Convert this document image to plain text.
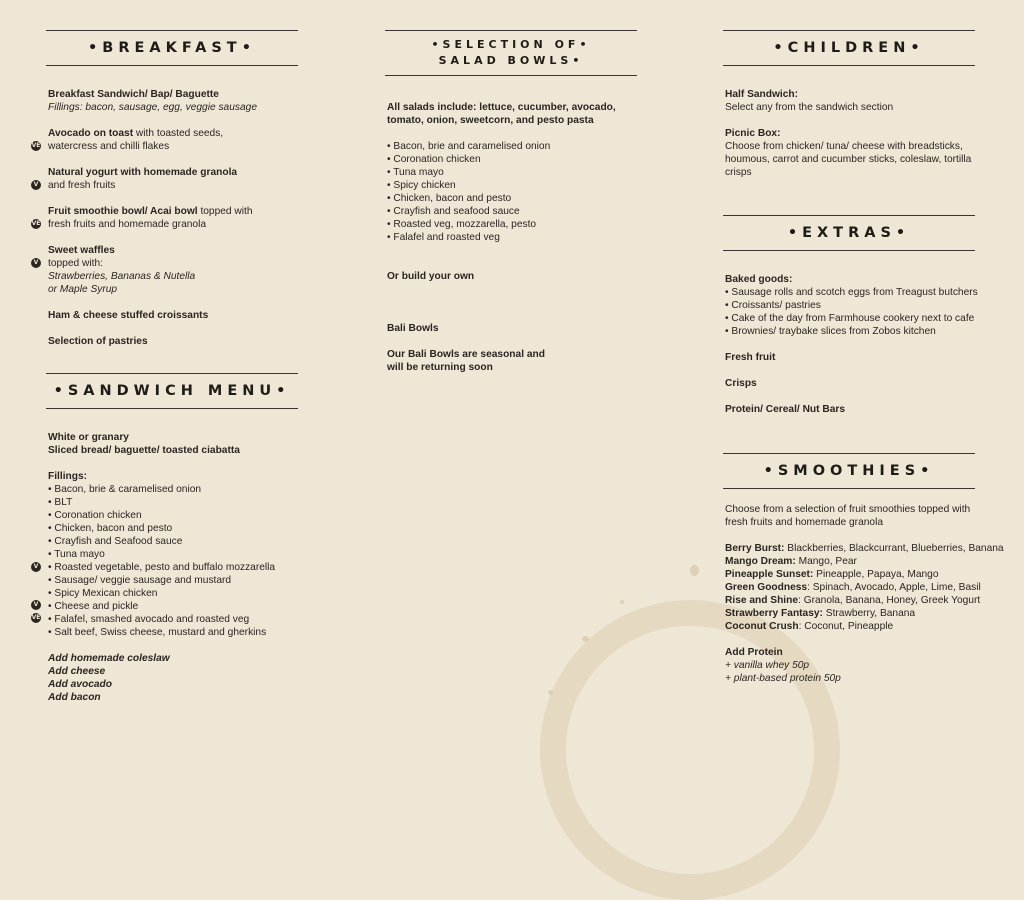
•BREAKFAST•
Breakfast Sandwich/ Bap/ Baguette
Fillings: bacon, sausage, egg, veggie sausage
Avocado on toast with toasted seeds,
watercress and chilli flakes
Natural yogurt with homemade granola
and fresh fruits
Fruit smoothie bowl/ Acai bowl topped with
fresh fruits and homemade granola
Sweet waffles
topped with:
Strawberries, Bananas & Nutella
or Maple Syrup
Ham & cheese stuffed croissants
Selection of pastries
VE
V
VE
V
•SANDWICH MENU•
White or granary
Sliced bread/ baguette/ toasted ciabatta
Fillings:
• Bacon, brie & caramelised onion
• BLT
• Coronation chicken
• Chicken, bacon and pesto
• Crayfish and Seafood sauce
• Tuna mayo
• Roasted vegetable, pesto and buffalo mozzarella
• Sausage/ veggie sausage and mustard
• Spicy Mexican chicken
• Cheese and pickle
• Falafel, smashed avocado and roasted veg
• Salt beef, Swiss cheese, mustard and gherkins
Add homemade coleslaw
Add cheese
Add avocado
Add bacon
V
V
VE
•SELECTION OF•
SALAD BOWLS•
All salads include: lettuce, cucumber, avocado,
tomato, onion, sweetcorn, and pesto pasta
• Bacon, brie and caramelised onion
• Coronation chicken
• Tuna mayo
• Spicy chicken
• Chicken, bacon and pesto
• Crayfish and seafood sauce
• Roasted veg, mozzarella, pesto
• Falafel and roasted veg
Or build your own
Bali Bowls
Our Bali Bowls are seasonal and
will be returning soon
•CHILDREN•
Half Sandwich:
Select any from the sandwich section
Picnic Box:
Choose from chicken/ tuna/ cheese with breadsticks,
houmous, carrot and cucumber sticks, coleslaw, tortilla
crisps
•EXTRAS•
Baked goods:
• Sausage rolls and scotch eggs from Treagust butchers
• Croissants/ pastries
• Cake of the day from Farmhouse cookery next to cafe
• Brownies/ traybake slices from Zobos kitchen
Fresh fruit
Crisps
Protein/ Cereal/ Nut Bars
•SMOOTHIES•
Choose from a selection of fruit smoothies topped with
fresh fruits and homemade granola
Berry Burst: Blackberries, Blackcurrant, Blueberries, Banana
Mango Dream: Mango, Pear
Pineapple Sunset: Pineapple, Papaya, Mango
Green Goodness: Spinach, Avocado, Apple, Lime, Basil
Rise and Shine: Granola, Banana, Honey, Greek Yogurt
Strawberry Fantasy: Strawberry, Banana
Coconut Crush: Coconut, Pineapple
Add Protein
+ vanilla whey 50p
+ plant-based protein 50p
